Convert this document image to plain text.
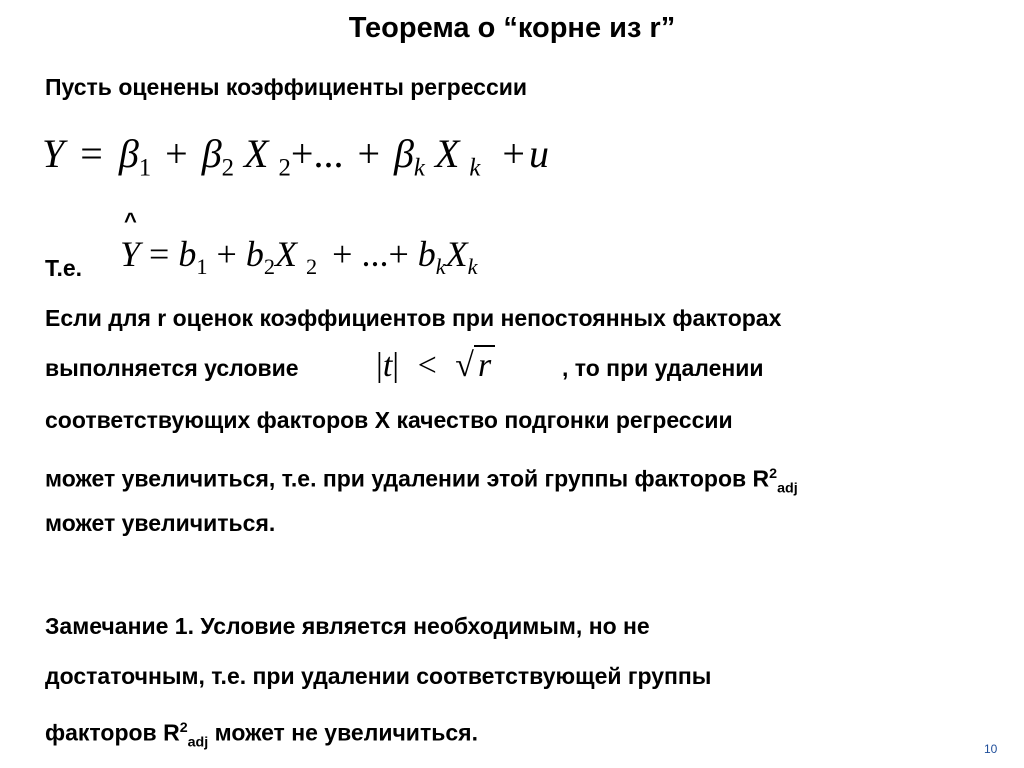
Теорема о “корне из r”
Пусть оценены коэффициенты регрессии
$Y = \beta_1 + \beta_2$ X $_2$+... + $\beta_k$ X $_k$ + u
^
Т.е. $Y = b_1 + b_2X$ $_2$ + ...+ $b_kX_k$
Если для r оценок коэффициентов при непостоянных факторах
выполняется условие |t| < √ r	, то при удалении
соответствующих факторов X качество подгонки регрессии
может увеличиться, т.е. при удалении этой группы факторов $R^2_{adj}$
может увеличиться.
Замечание 1. Условие является необходимым, но не
достаточным, т.е. при удалении соответствующей группы
факторов $R^2_{adj}$ может не увеличиться.
10
